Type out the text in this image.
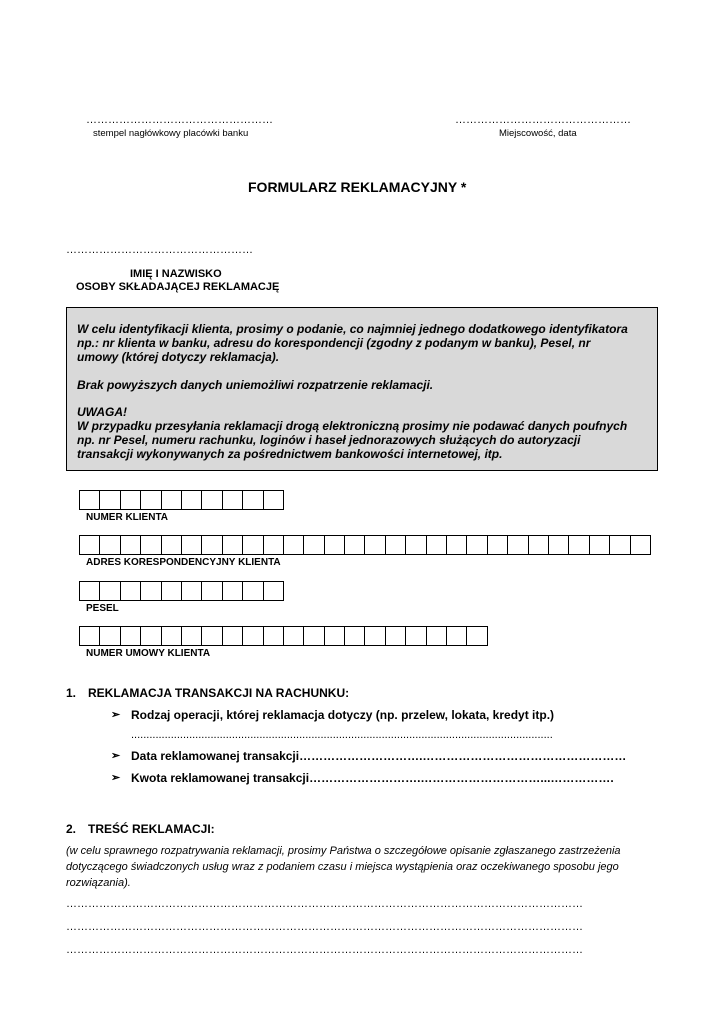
……………………………………………
stempel nagłówkowy placówki banku
…………………………………………
Miejscowość, data
FORMULARZ REKLAMACYJNY *
……………………………………………
IMIĘ I NAZWISKO
OSOBY SKŁADAJĄCEJ REKLAMACJĘ

W celu identyfikacji klienta, prosimy o podanie, co najmniej jednego dodatkowego identyfikatora

np.: nr klienta w banku, adresu do korespondencji (zgodny z podanym w banku), Pesel, nr

umowy (której dotyczy reklamacja).

Brak powyższych danych uniemożliwi rozpatrzenie reklamacji.

UWAGA!

W przypadku przesyłania reklamacji drogą elektroniczną prosimy nie podawać danych poufnych

np. nr Pesel, numeru rachunku, loginów i haseł jednorazowych służących do autoryzacji

transakcji wykonywanych za pośrednictwem bankowości internetowej, itp.

NUMER KLIENTA
ADRES KORESPONDENCYJNY KLIENTA
PESEL
NUMER UMOWY KLIENTA
1. REKLAMACJA TRANSAKCJI NA RACHUNKU:
➢ Rodzaj operacji, której reklamacja dotyczy (np. przelew, lokata, kredyt itp.)
..........................................................................................................................................
➢ Data reklamowanej transakcji………………………….……………………………………………
➢ Kwota reklamowanej transakcji……………………….…………………………...…………….
2. TREŚĆ REKLAMACJI:
(w celu sprawnego rozpatrywania reklamacji, prosimy Państwa o szczegółowe opisanie zgłaszanego zastrzeżenia dotyczącego świadczonych usług wraz z podaniem czasu i miejsca wystąpienia oraz oczekiwanego sposobu jego rozwiązania).
……………………………………………………………………………………………………………………………
……………………………………………………………………………………………………………………………
……………………………………………………………………………………………………………………………
